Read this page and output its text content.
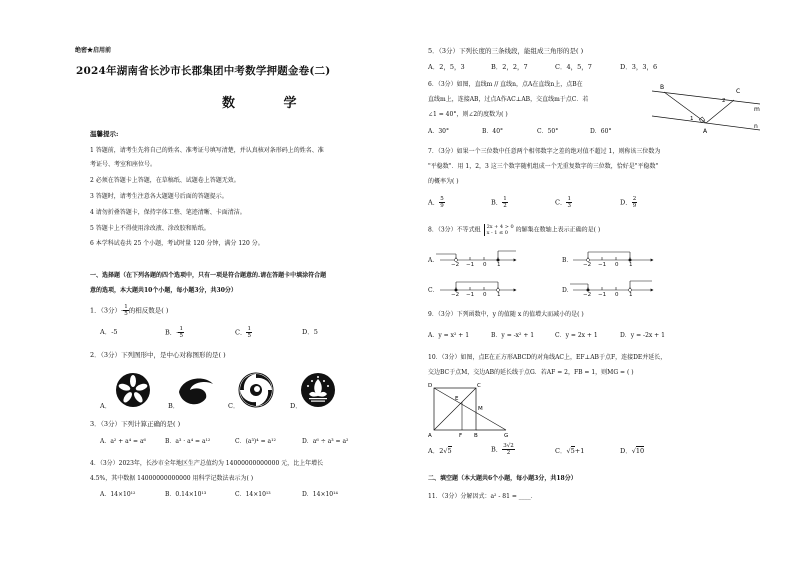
绝密★启用前
2024年湖南省长沙市长郡集团中考数学押题金卷(二)
数 学
温馨提示:
1 答题前，请考生先将自己的姓名、准考证号填写清楚，并认真核对条形码上的姓名、准
考证号、考室和座位号。
2 必须在答题卡上答题，在草稿纸、试题卷上答题无效。
3 答题时，请考生注意各大题题号后面的答题提示。
4 请勿折叠答题卡，保持字体工整、笔迹清晰、卡面清洁。
5 答题卡上不得使用涂改液、涂改胶和贴纸。
6 本学科试卷共 25 个小题，考试时量 120 分钟，满分 120 分。
一、选择题（在下列各题的四个选项中，只有一项是符合题意的.请在答题卡中填涂符合题
意的选项，本大题共10个小题，每小题3分，共30分）
1．（3分）- $\frac{1}{5}$ 的相反数是( )
A．-5	B．- $\frac{1}{5}$	C． $\frac{1}{5}$	D．5
2．（3分）下列图形中，是中心对称图形的是( )
A．	B．	C．	D．
3．（3分）下列计算正确的是( )
A．a² + a⁴ = a⁶	B．a³ · a⁴ = a¹²	C．(a³)⁴ = a¹²	D．a⁶ ÷ a³ = a²
4．（3分）2023年，长沙市全年地区生产总值约为 14000000000000 元，比上年增长
4.5%，其中数据 14000000000000 用科学记数法表示为( )
A．14×10¹²	B．0.14×10¹³	C．14×10¹³	D．14×10¹⁴
5．（3分）下列长度的三条线段，能组成三角形的是( )
A．2，5，3	B．2，2，7	C．4，5，7	D．3，3，6
6．（3分）如图，直线m // 直线n，点A在直线n上，点B在
直线m上，连接AB，过点A作AC⊥AB，交直线m于点C．若
∠1 = 40°，则∠2的度数为( )
A．30°	B．40°	C．50°	D．60°
B
C
2
m
1
A
n
7．（3分）如果一个三位数中任意两个相邻数字之差的绝对值不超过 1，则称该三位数为
"平稳数"．用 1，2，3 这三个数字随机组成一个无重复数字的三位数，恰好是"平稳数"
的概率为( )
A． $\frac{5}{9}$	B． $\frac{1}{2}$	C． $\frac{1}{3}$	D． $\frac{2}{9}$
8．（3分）不等式组 2x + 4 > 0
x - 1 ≤ 0	的解集在数轴上表示正确的是( )
A．	B．
C．	D．
−2 −1 0 1	−2 −1 0 1
−2 −1 0 1	−2 −1 0 1
9．（3分）下列函数中，y 的值随 x 的值增大而减小的是( )
A．y = x² + 1	B．y = -x² + 1	C．y = 2x + 1	D．y = -2x + 1
10．（3分）如图，点E在正方形ABCD的对角线AC上，EF⊥AB于点F，连接DE并延长，
交边BC于点M，交边AB的延长线于点G．若AF = 2，FB = 1，则MG = ( )
D	C
E
M
A	F B	G
A．2√5	B． $\frac{3√2}{2}$	C．√5+1	D．√10
二、填空题（本大题共6个小题，每小题3分，共18分）
11．（3分）分解因式：a² - 81 = ____．
